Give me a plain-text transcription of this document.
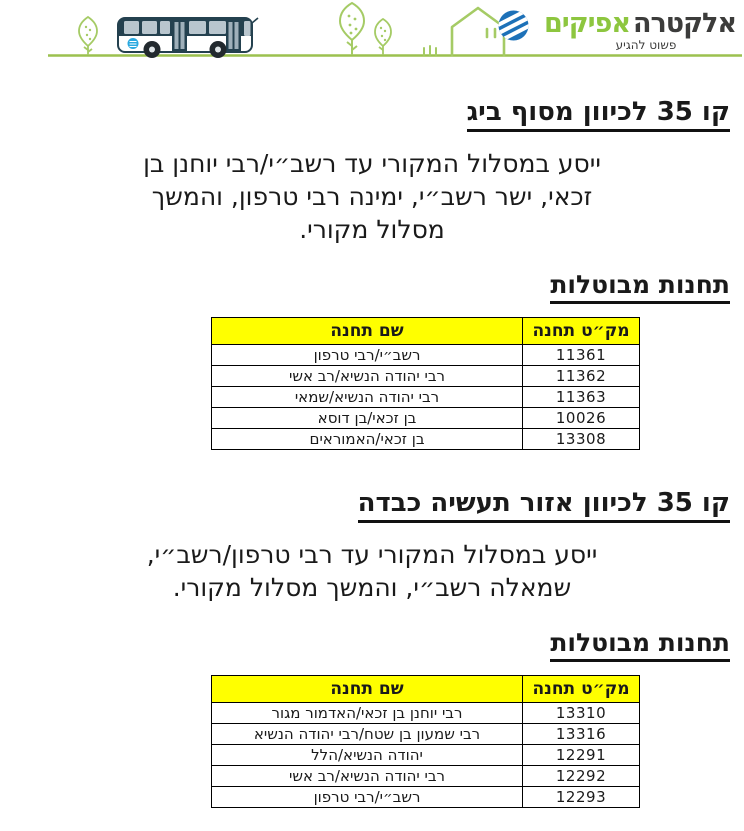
אלקטרה
אפיקים
פשוט להגיע
קו 35 לכיוון מסוף ביג

ייסע במסלול המקורי עד רשב״י/רבי יוחנן בן
זכאי, ישר רשב״י, ימינה רבי טרפון, והמשך
מסלול מקורי.

תחנות מבוטלות
מק״ט תחנה	שם תחנה
11361	רשב״י/רבי טרפון
11362	רבי יהודה הנשיא/רב אשי
11363	רבי יהודה הנשיא/שמאי
10026	בן זכאי/בן דוסא
13308	בן זכאי/האמוראים
קו 35 לכיוון אזור תעשיה כבדה

ייסע במסלול המקורי עד רבי טרפון/רשב״י,
שמאלה רשב״י, והמשך מסלול מקורי.

תחנות מבוטלות
מק״ט תחנה	שם תחנה
13310	רבי יוחנן בן זכאי/האדמור מגור
13316	רבי שמעון בן שטח/רבי יהודה הנשיא
12291	יהודה הנשיא/הלל
12292	רבי יהודה הנשיא/רב אשי
12293	רשב״י/רבי טרפון
